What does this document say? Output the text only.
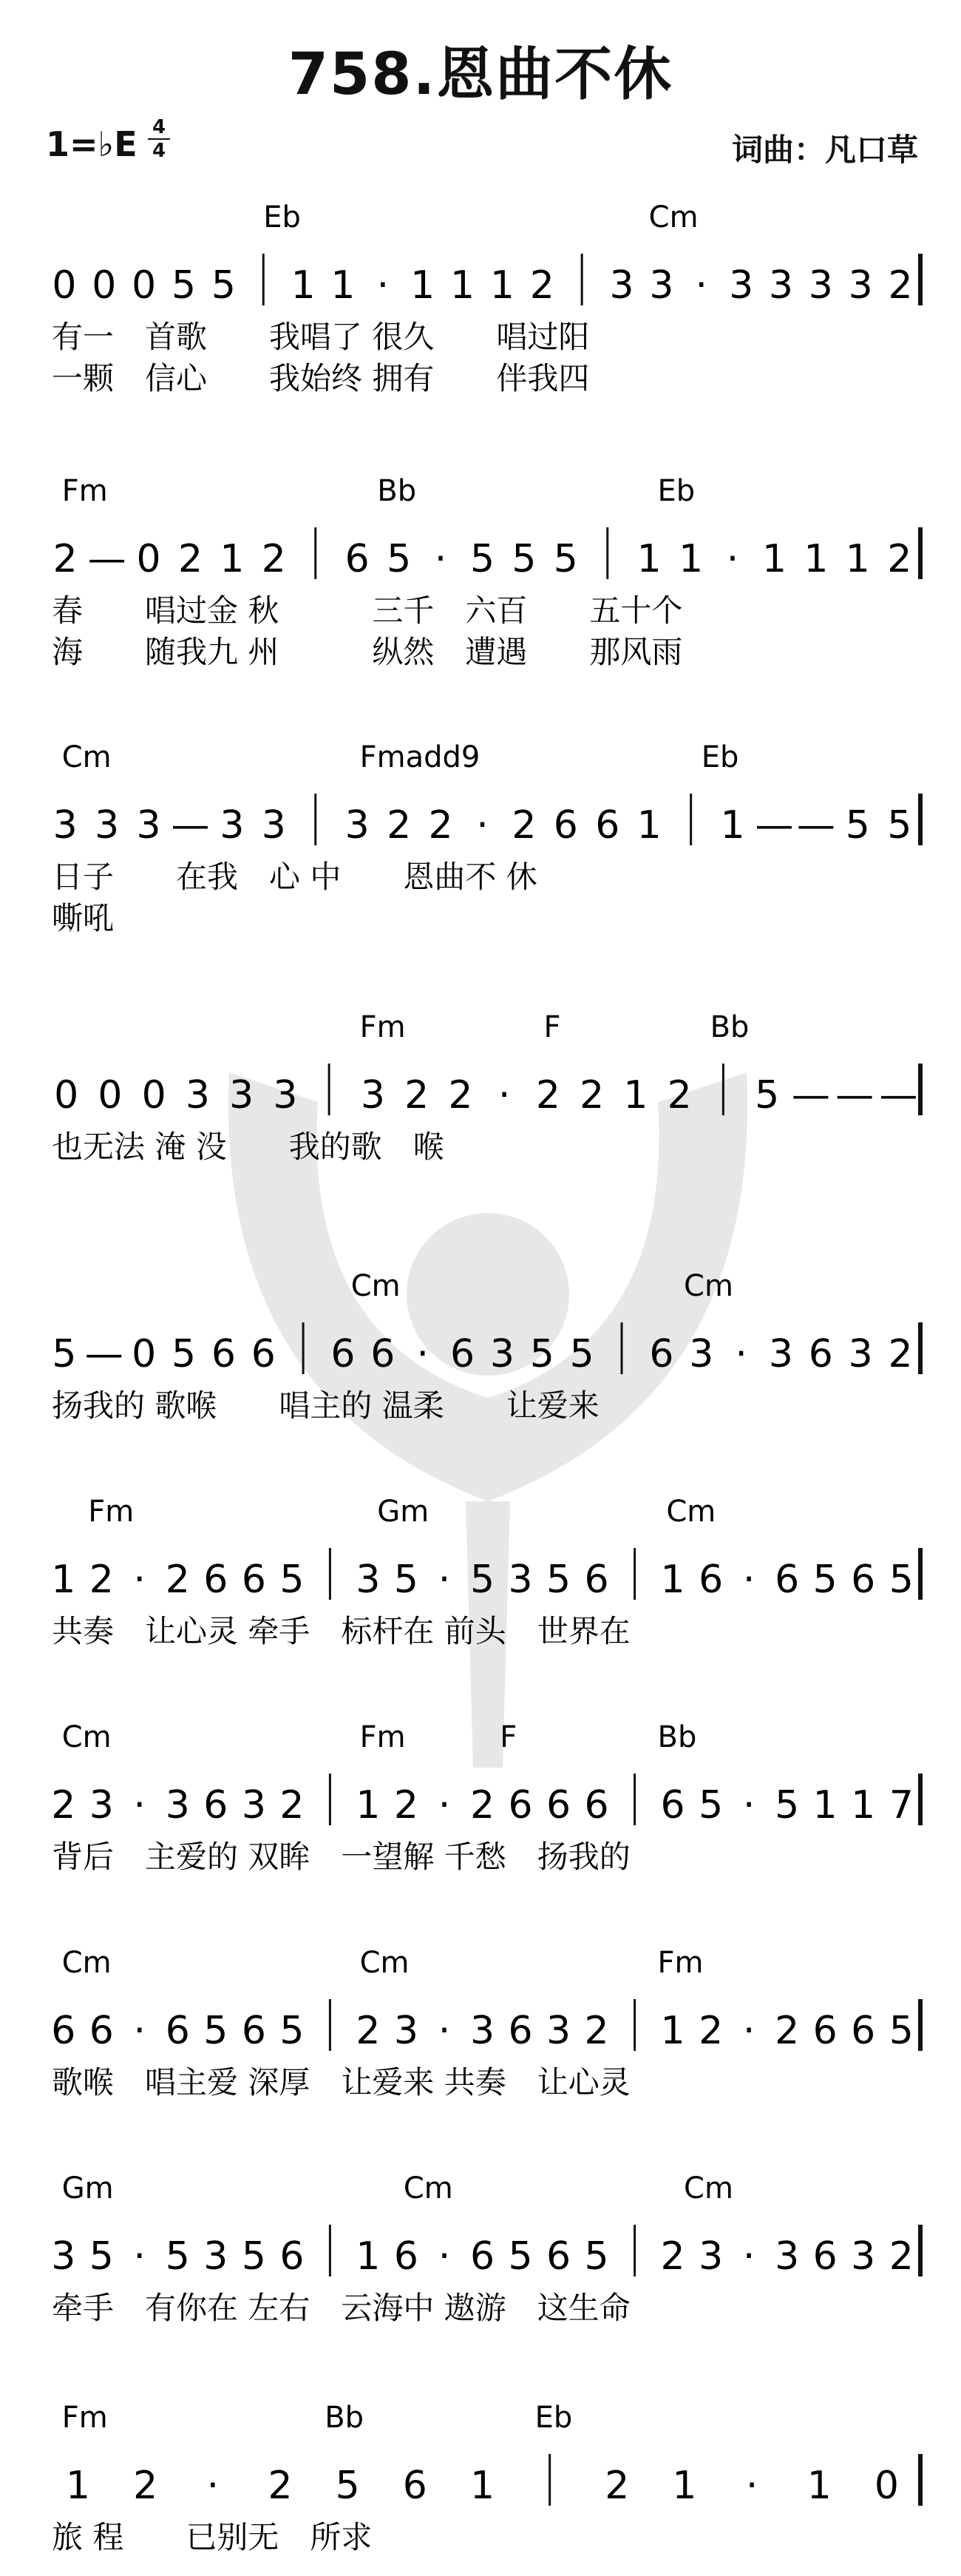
758.恩曲不休
1=♭E 4
4	词曲：凡口草
Eb	Cm
0 0 0 5 5 1 1 · 1 1 1 2 3 3 · 3 3 3 3 2
有一　首歌　　我唱了 很久　　唱过阳
一颗　信心　　我始终 拥有　　伴我四
Fm	Bb	Eb
2 — 0 2 1 2 6 5 · 5 5 5 1 1 · 1 1 1 2
春　　唱过金 秋　　　三千　六百　　五十个
海　　随我九 州　　　纵然　遭遇　　那风雨
Cm	Fmadd9	Eb
3 3 3 — 3 3 3 2 2 · 2 6 6 1 1 — — 5 5
日子　　在我　心 中　　恩曲不 休
嘶吼
Fm	F	Bb
0 0 0 3 3 3 3 2 2 · 2 2 1 2 5 — — —
也无法 淹 没　　我的歌　喉
Cm	Cm
5 — 0 5 6 6 6 6 · 6 3 5 5 6 3 · 3 6 3 2
扬我的 歌喉　　唱主的 温柔　　让爱来
Fm	Gm	Cm
1 2 · 2 6 6 5 3 5 · 5 3 5 6 1 6 · 6 5 6 5
共奏　让心灵 牵手　标杆在 前头　世界在
Cm	Fm	F	Bb
2 3 · 3 6 3 2 1 2 · 2 6 6 6 6 5 · 5 1 1 7
背后　主爱的 双眸　一望解 千愁　扬我的
Cm	Cm	Fm
6 6 · 6 5 6 5 2 3 · 3 6 3 2 1 2 · 2 6 6 5
歌喉　唱主爱 深厚　让爱来 共奏　让心灵
Gm	Cm	Cm
3 5 · 5 3 5 6 1 6 · 6 5 6 5 2 3 · 3 6 3 2
牵手　有你在 左右　云海中 遨游　这生命
Fm	Bb	Eb
1 2 · 2 5 6 1	2 1 · 1 0
旅 程　　已别无　所求
